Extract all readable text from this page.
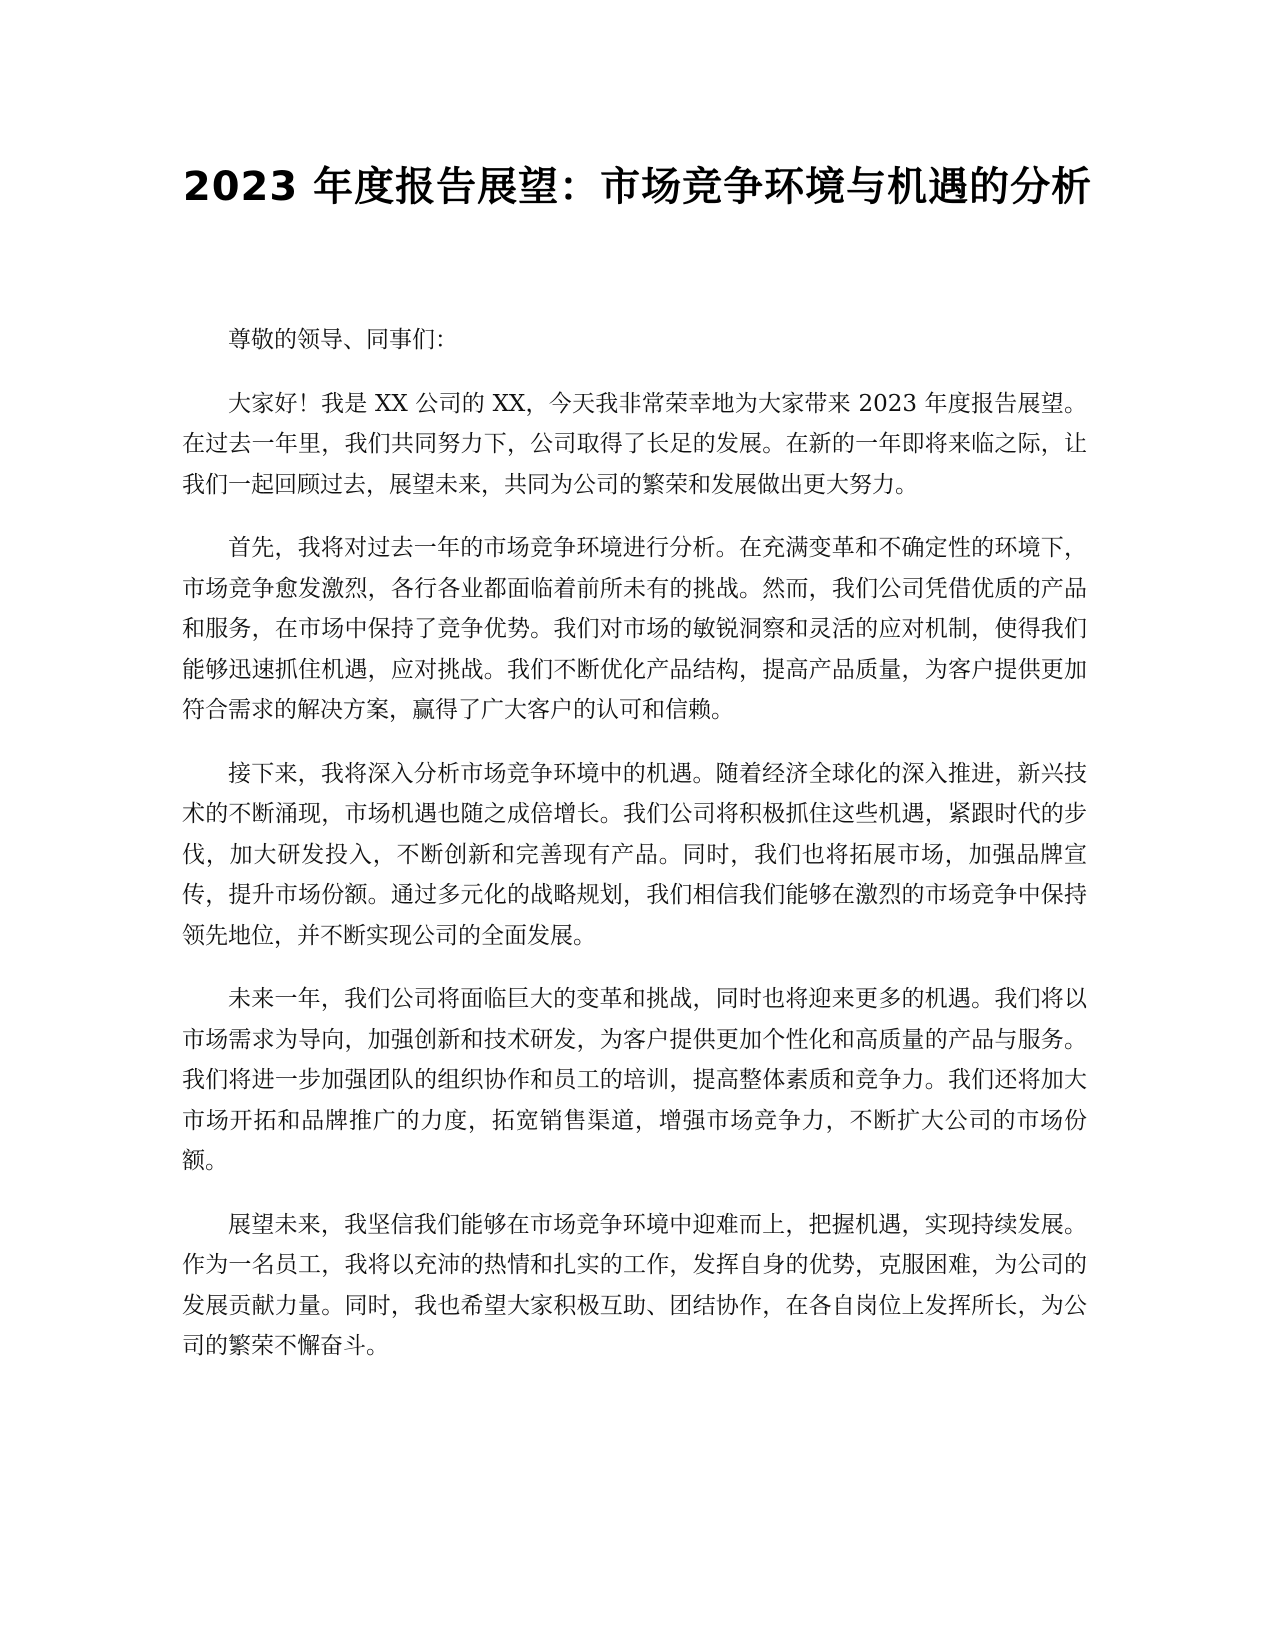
2023 年度报告展望：市场竞争环境与机遇的分析

尊敬的领导、同事们：

大家好！我是 XX 公司的 XX，今天我非常荣幸地为大家带来 2023 年度报告展望。在过去一年里，我们共同努力下，公司取得了长足的发展。在新的一年即将来临之际，让我们一起回顾过去，展望未来，共同为公司的繁荣和发展做出更大努力。

首先，我将对过去一年的市场竞争环境进行分析。在充满变革和不确定性的环境下，市场竞争愈发激烈，各行各业都面临着前所未有的挑战。然而，我们公司凭借优质的产品和服务，在市场中保持了竞争优势。我们对市场的敏锐洞察和灵活的应对机制，使得我们能够迅速抓住机遇，应对挑战。我们不断优化产品结构，提高产品质量，为客户提供更加符合需求的解决方案，赢得了广大客户的认可和信赖。

接下来，我将深入分析市场竞争环境中的机遇。随着经济全球化的深入推进，新兴技术的不断涌现，市场机遇也随之成倍增长。我们公司将积极抓住这些机遇，紧跟时代的步伐，加大研发投入，不断创新和完善现有产品。同时，我们也将拓展市场，加强品牌宣传，提升市场份额。通过多元化的战略规划，我们相信我们能够在激烈的市场竞争中保持领先地位，并不断实现公司的全面发展。

未来一年，我们公司将面临巨大的变革和挑战，同时也将迎来更多的机遇。我们将以市场需求为导向，加强创新和技术研发，为客户提供更加个性化和高质量的产品与服务。我们将进一步加强团队的组织协作和员工的培训，提高整体素质和竞争力。我们还将加大市场开拓和品牌推广的力度，拓宽销售渠道，增强市场竞争力，不断扩大公司的市场份额。

展望未来，我坚信我们能够在市场竞争环境中迎难而上，把握机遇，实现持续发展。作为一名员工，我将以充沛的热情和扎实的工作，发挥自身的优势，克服困难，为公司的发展贡献力量。同时，我也希望大家积极互助、团结协作，在各自岗位上发挥所长，为公司的繁荣不懈奋斗。
